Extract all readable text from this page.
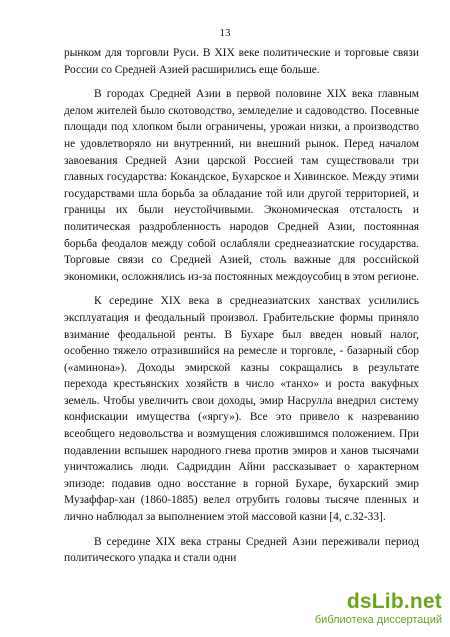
13

рынком для торговли Руси. В XIX веке политические и торговые связи России со Средней Азией расширились еще больше.

В городах Средней Азии в первой половине XIX века главным делом жителей было скотоводство, земледелие и садоводство. Посевные площади под хлопком были ограничены, урожаи низки, а производство не удовлетворяло ни внутренний, ни внешний рынок. Перед началом завоевания Средней Азии царской Россией там существовали три главных государства: Кокандское, Бухарское и Хивинское. Между этими государствами шла борьба за обладание той или другой территорией, и границы их были неустойчивыми. Экономическая отсталость и политическая раздробленность народов Средней Азии, постоянная борьба феодалов между собой ослабляли среднеазиатские государства. Торговые связи со Средней Азией, столь важные для российской экономики, осложнялись из-за постоянных междоусобиц в этом регионе.

К середине XIX века в среднеазиатских ханствах усилились эксплуатация и феодальный произвол. Грабительские формы приняло взимание феодальной ренты. В Бухаре был введен новый налог, особенно тяжело отразившийся на ремесле и торговле, - базарный сбор («аминона»). Доходы эмирской казны сокращались в результате перехода крестьянских хозяйств в число «танхо» и роста вакуфных земель. Чтобы увеличить свои доходы, эмир Насрулла внедрил систему конфискации имущества («яргу»). Все это привело к назреванию всеобщего недовольства и возмущения сложившимся положением. При подавлении вспышек народного гнева против эмиров и ханов тысячами уничтожались люди. Садриддин Айни рассказывает о характерном эпизоде: подавив одно восстание в горной Бухаре, бухарский эмир Музаффар-хан (1860-1885) велел отрубить головы тысяче пленных и лично наблюдал за выполнением этой массовой казни [4, с.32-33].

В середине XIX века страны Средней Азии переживали период политического упадка и стали одни

dsLib.net
библиотека диссертаций
